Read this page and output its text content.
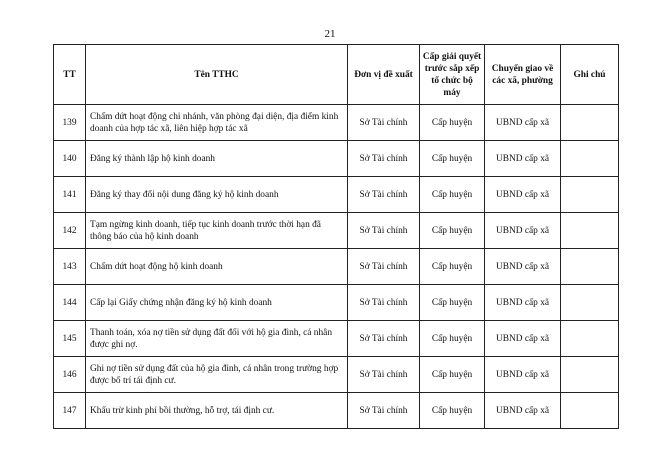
21
TT	Tên TTHC	Đơn vị đề xuất	Cấp giải quyết trước sắp xếp tổ chức bộ máy	Chuyển giao về các xã, phường	Ghi chú
139	Chấm dứt hoạt động chi nhánh, văn phòng đại diện, địa điểm kinh doanh của hợp tác xã, liên hiệp hợp tác xã	Sở Tài chính	Cấp huyện	UBND cấp xã	
140	Đăng ký thành lập hộ kinh doanh	Sở Tài chính	Cấp huyện	UBND cấp xã	
141	Đăng ký thay đổi nội dung đăng ký hộ kinh doanh	Sở Tài chính	Cấp huyện	UBND cấp xã	
142	Tạm ngừng kinh doanh, tiếp tục kinh doanh trước thời hạn đã thông báo của hộ kinh doanh	Sở Tài chính	Cấp huyện	UBND cấp xã	
143	Chấm dứt hoạt động hộ kinh doanh	Sở Tài chính	Cấp huyện	UBND cấp xã	
144	Cấp lại Giấy chứng nhận đăng ký hộ kinh doanh	Sở Tài chính	Cấp huyện	UBND cấp xã	
145	Thanh toán, xóa nợ tiền sử dụng đất đối với hộ gia đình, cá nhân được ghi nợ.	Sở Tài chính	Cấp huyện	UBND cấp xã	
146	Ghi nợ tiền sử dụng đất của hộ gia đình, cá nhân trong trường hợp được bố trí tái định cư.	Sở Tài chính	Cấp huyện	UBND cấp xã	
147	Khấu trừ kinh phí bồi thường, hỗ trợ, tái định cư.	Sở Tài chính	Cấp huyện	UBND cấp xã	
